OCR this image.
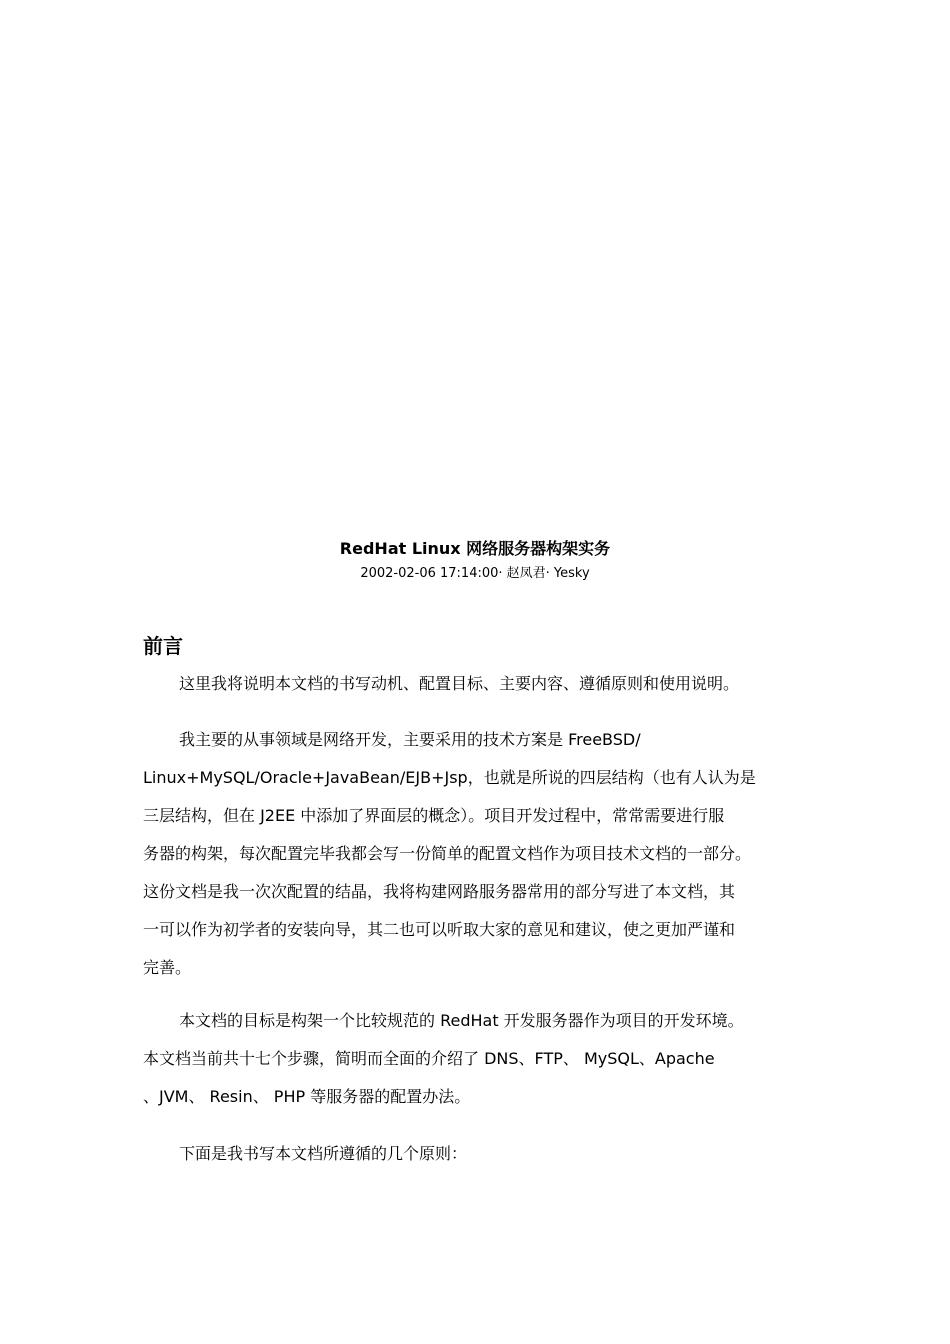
RedHat Linux 网络服务器构架实务
2002-02-06 17:14:00· 赵凤君· Yesky
前言
这里我将说明本文档的书写动机、配置目标、主要内容、遵循原则和使用说明。
我主要的从事领域是网络开发，主要采用的技术方案是 FreeBSD/
Linux+MySQL/Oracle+JavaBean/EJB+Jsp，也就是所说的四层结构（也有人认为是
三层结构，但在 J2EE 中添加了界面层的概念）。项目开发过程中，常常需要进行服
务器的构架，每次配置完毕我都会写一份简单的配置文档作为项目技术文档的一部分。
这份文档是我一次次配置的结晶，我将构建网路服务器常用的部分写进了本文档，其
一可以作为初学者的安装向导，其二也可以听取大家的意见和建议，使之更加严谨和
完善。
本文档的目标是构架一个比较规范的 RedHat 开发服务器作为项目的开发环境。
本文档当前共十七个步骤，简明而全面的介绍了 DNS、FTP、 MySQL、Apache
、JVM、 Resin、 PHP 等服务器的配置办法。
下面是我书写本文档所遵循的几个原则：
